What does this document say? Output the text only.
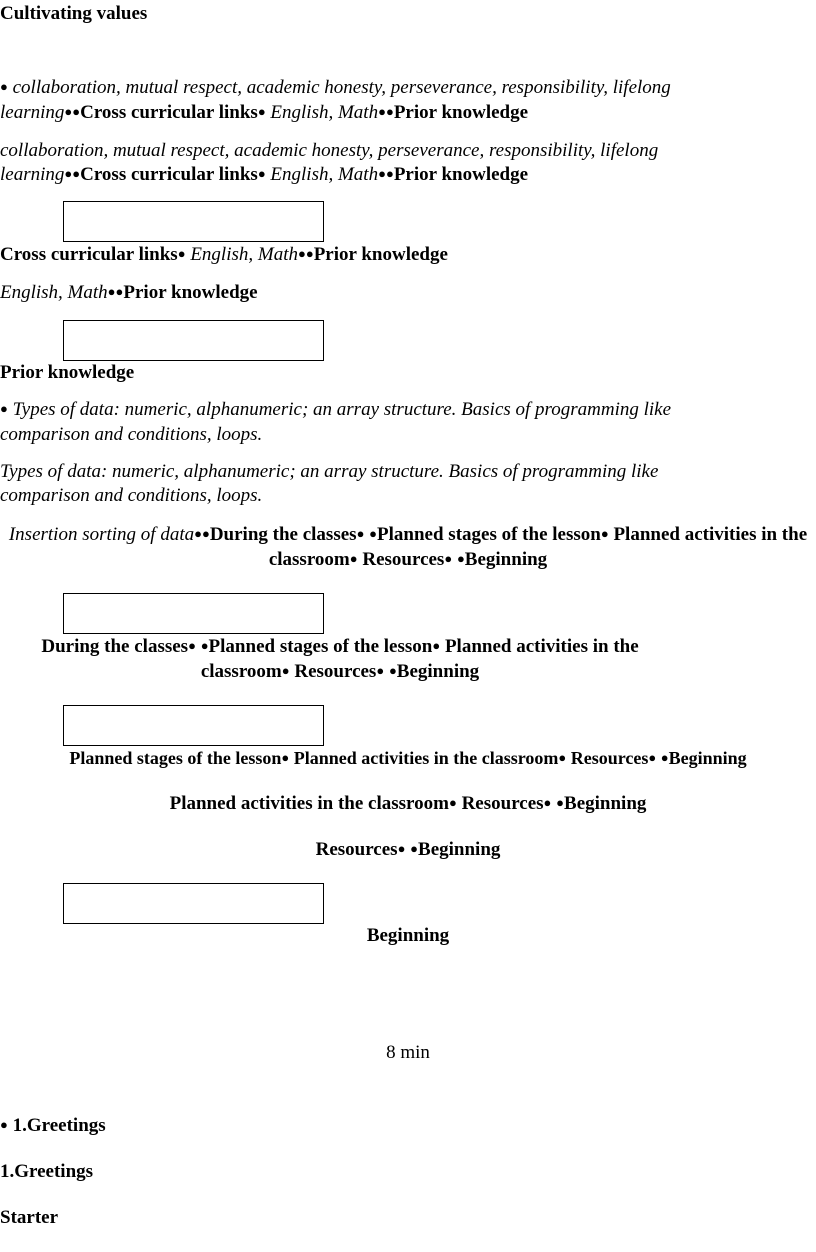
Cultivating values
● collaboration, mutual respect, academic honesty, perseverance, responsibility, lifelong learning ● ● Cross curricular links ● English, Math ● ● Prior knowledge
collaboration, mutual respect, academic honesty, perseverance, responsibility, lifelong learning ● ● Cross curricular links ● English, Math ● ● Prior knowledge
Cross curricular links ● English, Math ● ● Prior knowledge
English, Math ● ● Prior knowledge
Prior knowledge
● Types of data: numeric, alphanumeric; an array structure. Basics of programming like comparison and conditions, loops.
Types of data: numeric, alphanumeric; an array structure. Basics of programming like comparison and conditions, loops.
Insertion sorting of data ● ● During the classes ● ● Planned stages of the lesson● Planned activities in the classroom ● Resources ● ● Beginning
During the classes ● ● Planned stages of the lesson ● Planned activities in the classroom ● Resources ● ● Beginning
Planned stages of the lesson ● Planned activities in the classroom ● Resources ● ● Beginning
Planned activities in the classroom ● Resources ● ● Beginning
Resources ● ● Beginning
Beginning
8 min
● 1.Greetings
1.Greetings
Starter
